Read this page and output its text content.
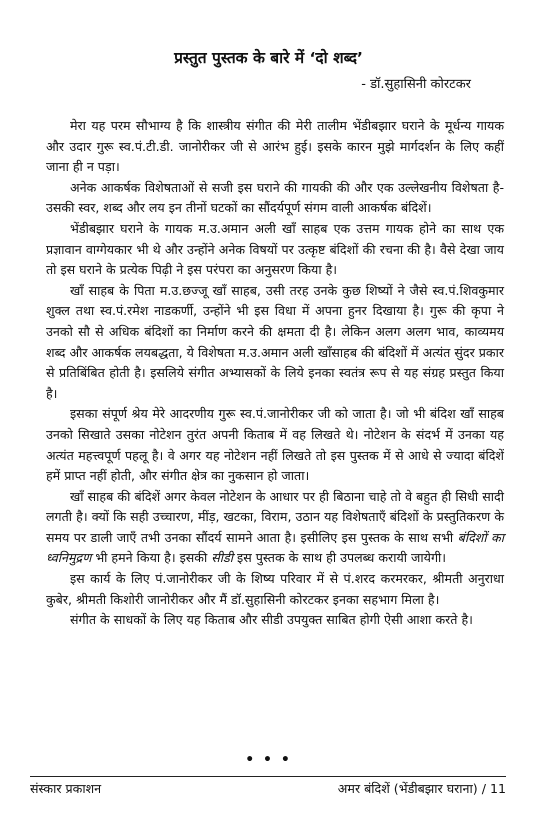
प्रस्तुत पुस्तक के बारे में ‘दो शब्द’
- डॉ.सुहासिनी कोरटकर

मेरा यह परम सौभाग्य है कि शास्त्रीय संगीत की मेरी तालीम भेंडीबझार घराने के मूर्धन्य गायक और उदार गुरू स्व.पं.टी.डी. जानोरीकर जी से आरंभ हुई। इसके कारन मुझे मार्गदर्शन के लिए कहीं जाना ही न पड़ा।

अनेक आकर्षक विशेषताओं से सजी इस घराने की गायकी की और एक उल्लेखनीय विशेषता है- उसकी स्वर, शब्द और लय इन तीनों घटकों का सौंदर्यपूर्ण संगम वाली आकर्षक बंदिशें।

भेंडीबझार घराने के गायक म.उ.अमान अली खाँ साहब एक उत्तम गायक होने का साथ एक प्रज्ञावान वाग्गेयकार भी थे और उन्होंने अनेक विषयों पर उत्कृष्ट बंदिशों की रचना की है। वैसे देखा जाय तो इस घराने के प्रत्येक पिढ़ी ने इस परंपरा का अनुसरण किया है।

खाँ साहब के पिता म.उ.छज्जू खाँ साहब, उसी तरह उनके कुछ शिष्यों ने जैसे स्व.पं.शिवकुमार शुक्ल तथा स्व.पं.रमेश नाडकर्णी, उन्होंने भी इस विधा में अपना हुनर दिखाया है। गुरू की कृपा ने उनको सौ से अधिक बंदिशों का निर्माण करने की क्षमता दी है। लेकिन अलग अलग भाव, काव्यमय शब्द और आकर्षक लयबद्धता, ये विशेषता म.उ.अमान अली खाँसाहब की बंदिशों में अत्यंत सुंदर प्रकार से प्रतिबिंबित होती है। इसलिये संगीत अभ्यासकों के लिये इनका स्वतंत्र रूप से यह संग्रह प्रस्तुत किया है।

इसका संपूर्ण श्रेय मेरे आदरणीय गुरू स्व.पं.जानोरीकर जी को जाता है। जो भी बंदिश खाँ साहब उनको सिखाते उसका नोटेशन तुरंत अपनी किताब में वह लिखते थे। नोटेशन के संदर्भ में उनका यह अत्यंत महत्त्वपूर्ण पहलू है। वे अगर यह नोटेशन नहीं लिखते तो इस पुस्तक में से आधे से ज्यादा बंदिशें हमें प्राप्त नहीं होती, और संगीत क्षेत्र का नुकसान हो जाता।

खाँ साहब की बंदिशें अगर केवल नोटेशन के आधार पर ही बिठाना चाहे तो वे बहुत ही सिधी सादी लगती है। क्यों कि सही उच्चारण, मींड़, खटका, विराम, उठान यह विशेषताएँ बंदिशों के प्रस्तुतिकरण के समय पर डाली जाएँ तभी उनका सौंदर्य सामने आता है। इसीलिए इस पुस्तक के साथ सभी बंदिशों का ध्वनिमुद्रण भी हमने किया है। इसकी सीडी इस पुस्तक के साथ ही उपलब्ध करायी जायेगी।

इस कार्य के लिए पं.जानोरीकर जी के शिष्य परिवार में से पं.शरद करमरकर, श्रीमती अनुराधा कुबेर, श्रीमती किशोरी जानोरीकर और मैं डॉ.सुहासिनी कोरटकर इनका सहभाग मिला है।

संगीत के साधकों के लिए यह किताब और सीडी उपयुक्त साबित होगी ऐसी आशा करते है।

• • •
संस्कार प्रकाशन	अमर बंदिशें (भेंडीबझार घराना) / 11
